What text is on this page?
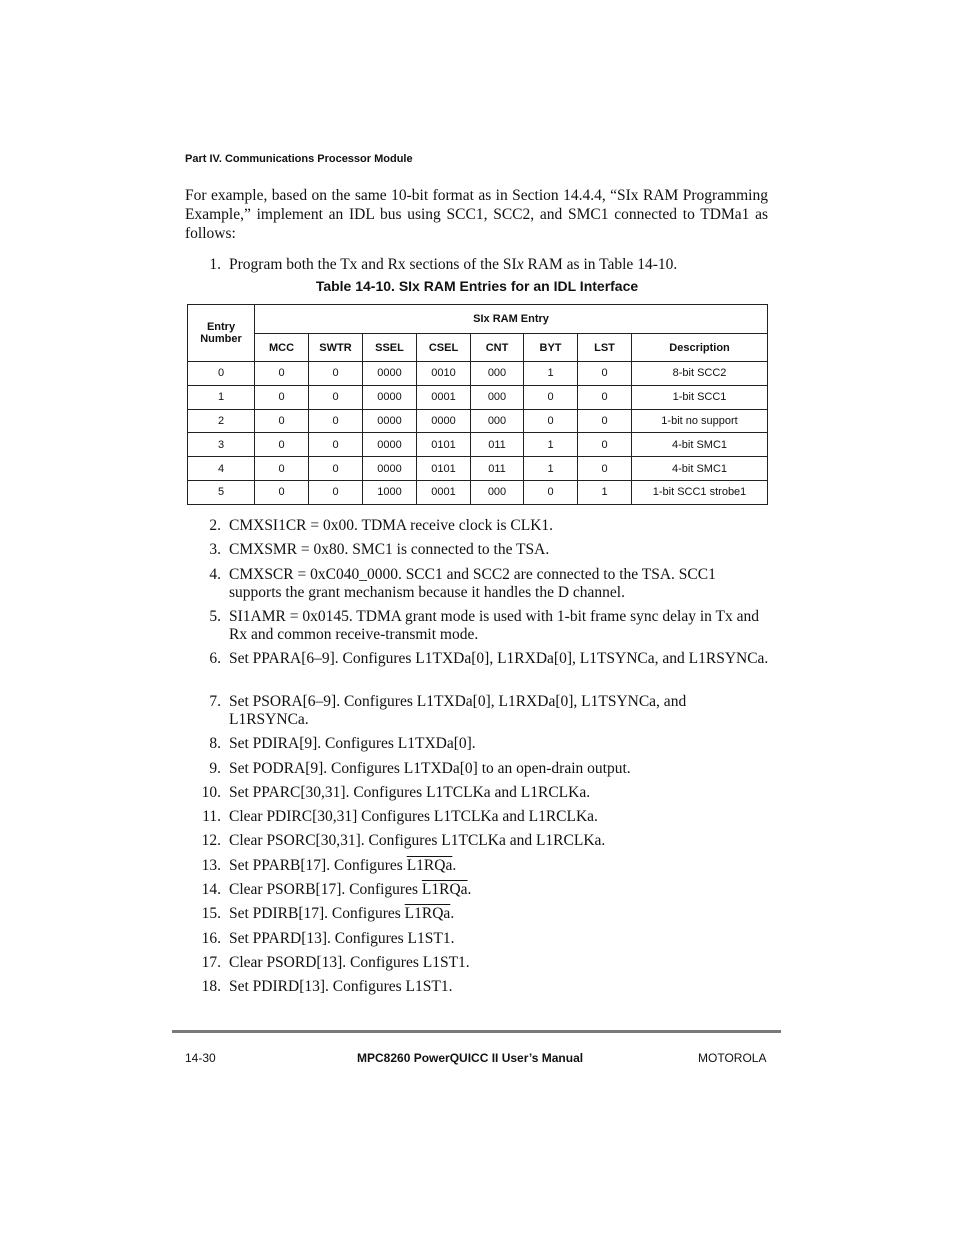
Part IV. Communications Processor Module
For example, based on the same 10-bit format as in Section 14.4.4, “SIx RAM Programming Example,” implement an IDL bus using SCC1, SCC2, and SMC1 connected to TDMa1 as follows:
1. Program both the Tx and Rx sections of the SIx RAM as in Table 14-10.
Table 14-10. SIx RAM Entries for an IDL Interface
Entry Number	SIx RAM Entry							
	MCC	SWTR	SSEL	CSEL	CNT	BYT	LST	Description
0	0	0	0000	0010	000	1	0	8-bit SCC2
1	0	0	0000	0001	000	0	0	1-bit SCC1
2	0	0	0000	0000	000	0	0	1-bit no support
3	0	0	0000	0101	011	1	0	4-bit SMC1
4	0	0	0000	0101	011	1	0	4-bit SMC1
5	0	0	1000	0001	000	0	1	1-bit SCC1 strobe1
2. CMXSI1CR = 0x00. TDMA receive clock is CLK1.
3. CMXSMR = 0x80. SMC1 is connected to the TSA.
4. CMXSCR = 0xC040_0000. SCC1 and SCC2 are connected to the TSA. SCC1 supports the grant mechanism because it handles the D channel.
5. SI1AMR = 0x0145. TDMA grant mode is used with 1-bit frame sync delay in Tx and Rx and common receive-transmit mode.
6. Set PPARA[6–9]. Configures L1TXDa[0], L1RXDa[0], L1TSYNCa, and L1RSYNCa.
7. Set PSORA[6–9]. Configures L1TXDa[0], L1RXDa[0], L1TSYNCa, and L1RSYNCa.
8. Set PDIRA[9]. Configures L1TXDa[0].
9. Set PODRA[9]. Configures L1TXDa[0] to an open-drain output.
10. Set PPARC[30,31]. Configures L1TCLKa and L1RCLKa.
11. Clear PDIRC[30,31] Configures L1TCLKa and L1RCLKa.
12. Clear PSORC[30,31]. Configures L1TCLKa and L1RCLKa.
13. Set PPARB[17]. Configures L1RQa.
14. Clear PSORB[17]. Configures L1RQa.
15. Set PDIRB[17]. Configures L1RQa.
16. Set PPARD[13]. Configures L1ST1.
17. Clear PSORD[13]. Configures L1ST1.
18. Set PDIRD[13]. Configures L1ST1.
14-30	MPC8260 PowerQUICC II User’s Manual	MOTOROLA
